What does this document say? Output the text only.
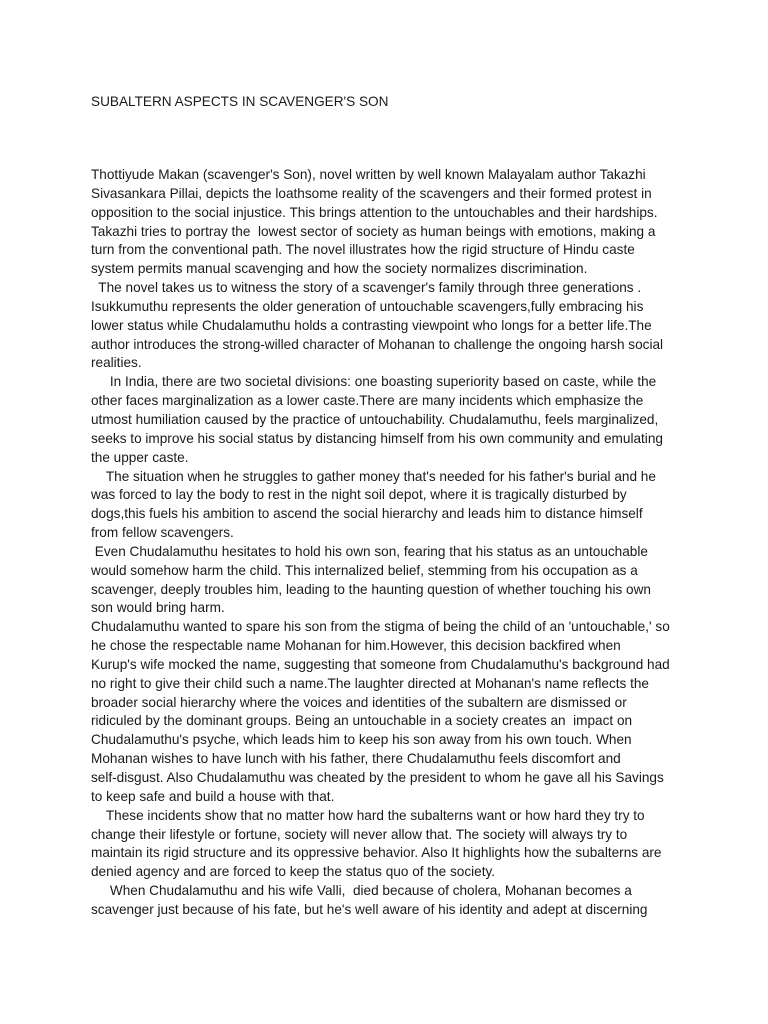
SUBALTERN ASPECTS IN SCAVENGER'S SON
Thottiyude Makan (scavenger's Son), novel written by well known Malayalam author Takazhi
Sivasankara Pillai, depicts the loathsome reality of the scavengers and their formed protest in
opposition to the social injustice. This brings attention to the untouchables and their hardships.
Takazhi tries to portray the  lowest sector of society as human beings with emotions, making a
turn from the conventional path. The novel illustrates how the rigid structure of Hindu caste
system permits manual scavenging and how the society normalizes discrimination.
The novel takes us to witness the story of a scavenger's family through three generations .
Isukkumuthu represents the older generation of untouchable scavengers,fully embracing his
lower status while Chudalamuthu holds a contrasting viewpoint who longs for a better life.The
author introduces the strong-willed character of Mohanan to challenge the ongoing harsh social
realities.
In India, there are two societal divisions: one boasting superiority based on caste, while the
other faces marginalization as a lower caste.There are many incidents which emphasize the
utmost humiliation caused by the practice of untouchability. Chudalamuthu, feels marginalized,
seeks to improve his social status by distancing himself from his own community and emulating
the upper caste.
The situation when he struggles to gather money that's needed for his father's burial and he
was forced to lay the body to rest in the night soil depot, where it is tragically disturbed by
dogs,this fuels his ambition to ascend the social hierarchy and leads him to distance himself
from fellow scavengers.
Even Chudalamuthu hesitates to hold his own son, fearing that his status as an untouchable
would somehow harm the child. This internalized belief, stemming from his occupation as a
scavenger, deeply troubles him, leading to the haunting question of whether touching his own
son would bring harm.
Chudalamuthu wanted to spare his son from the stigma of being the child of an 'untouchable,' so
he chose the respectable name Mohanan for him.However, this decision backfired when
Kurup's wife mocked the name, suggesting that someone from Chudalamuthu's background had
no right to give their child such a name.The laughter directed at Mohanan's name reflects the
broader social hierarchy where the voices and identities of the subaltern are dismissed or
ridiculed by the dominant groups. Being an untouchable in a society creates an  impact on
Chudalamuthu's psyche, which leads him to keep his son away from his own touch. When
Mohanan wishes to have lunch with his father, there Chudalamuthu feels discomfort and
self-disgust. Also Chudalamuthu was cheated by the president to whom he gave all his Savings
to keep safe and build a house with that.
These incidents show that no matter how hard the subalterns want or how hard they try to
change their lifestyle or fortune, society will never allow that. The society will always try to
maintain its rigid structure and its oppressive behavior. Also It highlights how the subalterns are
denied agency and are forced to keep the status quo of the society.
When Chudalamuthu and his wife Valli,  died because of cholera, Mohanan becomes a
scavenger just because of his fate, but he's well aware of his identity and adept at discerning
